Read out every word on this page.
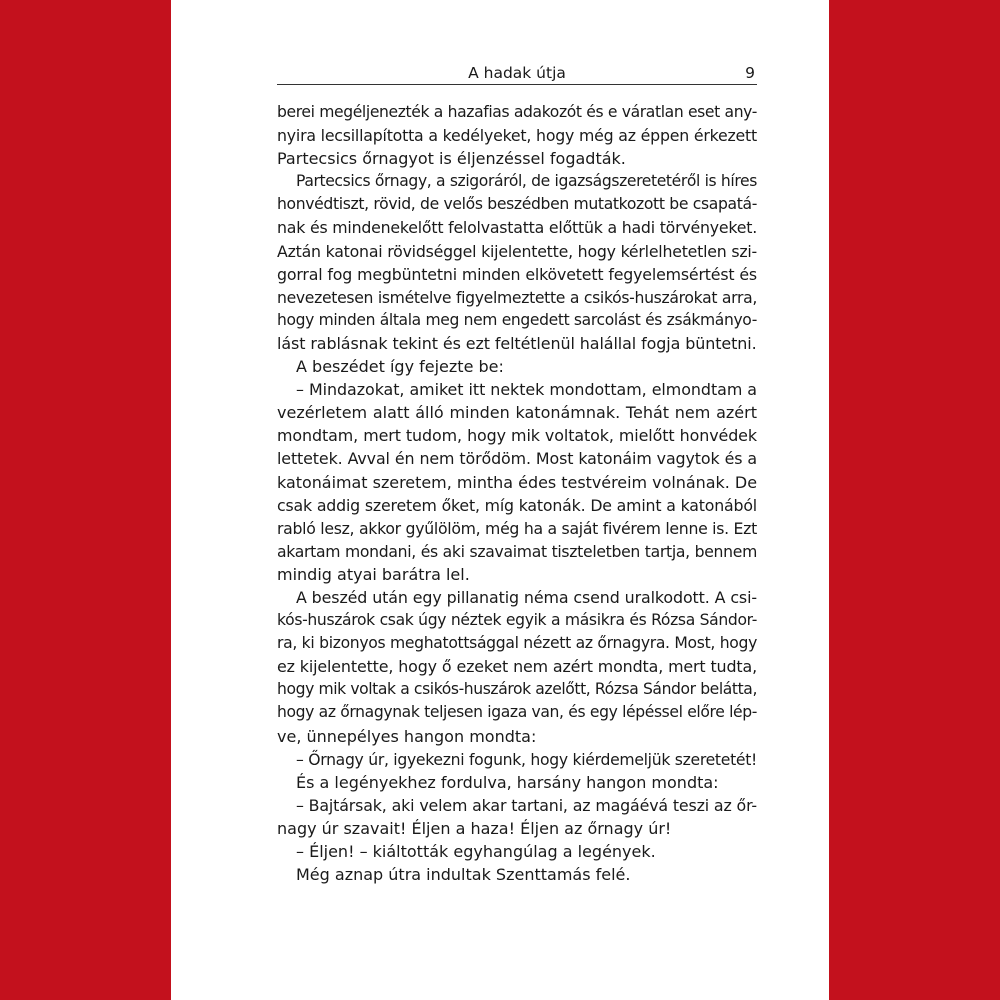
A hadak útja	9
berei megéljenezték a hazafias adakozót és e váratlan eset any-
nyira lecsillapította a kedélyeket, hogy még az éppen érkezett
Partecsics őrnagyot is éljenzéssel fogadták.
Partecsics őrnagy, a szigoráról, de igazságszeretetéről is híres
honvédtiszt, rövid, de velős beszédben mutatkozott be csapatá-
nak és mindenekelőtt felolvastatta előttük a hadi törvényeket.
Aztán katonai rövidséggel kijelentette, hogy kérlelhetetlen szi-
gorral fog megbüntetni minden elkövetett fegyelemsértést és
nevezetesen ismételve figyelmeztette a csikós-huszárokat arra,
hogy minden általa meg nem engedett sarcolást és zsákmányo-
lást rablásnak tekint és ezt feltétlenül halállal fogja büntetni.
A beszédet így fejezte be:
– Mindazokat, amiket itt nektek mondottam, elmondtam a
vezérletem alatt álló minden katonámnak. Tehát nem azért
mondtam, mert tudom, hogy mik voltatok, mielőtt honvédek
lettetek. Avval én nem törődöm. Most katonáim vagytok és a
katonáimat szeretem, mintha édes testvéreim volnának. De
csak addig szeretem őket, míg katonák. De amint a katonából
rabló lesz, akkor gyűlölöm, még ha a saját fivérem lenne is. Ezt
akartam mondani, és aki szavaimat tiszteletben tartja, bennem
mindig atyai barátra lel.
A beszéd után egy pillanatig néma csend uralkodott. A csi-
kós-huszárok csak úgy néztek egyik a másikra és Rózsa Sándor-
ra, ki bizonyos meghatottsággal nézett az őrnagyra. Most, hogy
ez kijelentette, hogy ő ezeket nem azért mondta, mert tudta,
hogy mik voltak a csikós-huszárok azelőtt, Rózsa Sándor belátta,
hogy az őrnagynak teljesen igaza van, és egy lépéssel előre lép-
ve, ünnepélyes hangon mondta:
– Őrnagy úr, igyekezni fogunk, hogy kiérdemeljük szeretetét!
És a legényekhez fordulva, harsány hangon mondta:
– Bajtársak, aki velem akar tartani, az magáévá teszi az őr-
nagy úr szavait! Éljen a haza! Éljen az őrnagy úr!
– Éljen! – kiáltották egyhangúlag a legények.
Még aznap útra indultak Szenttamás felé.
